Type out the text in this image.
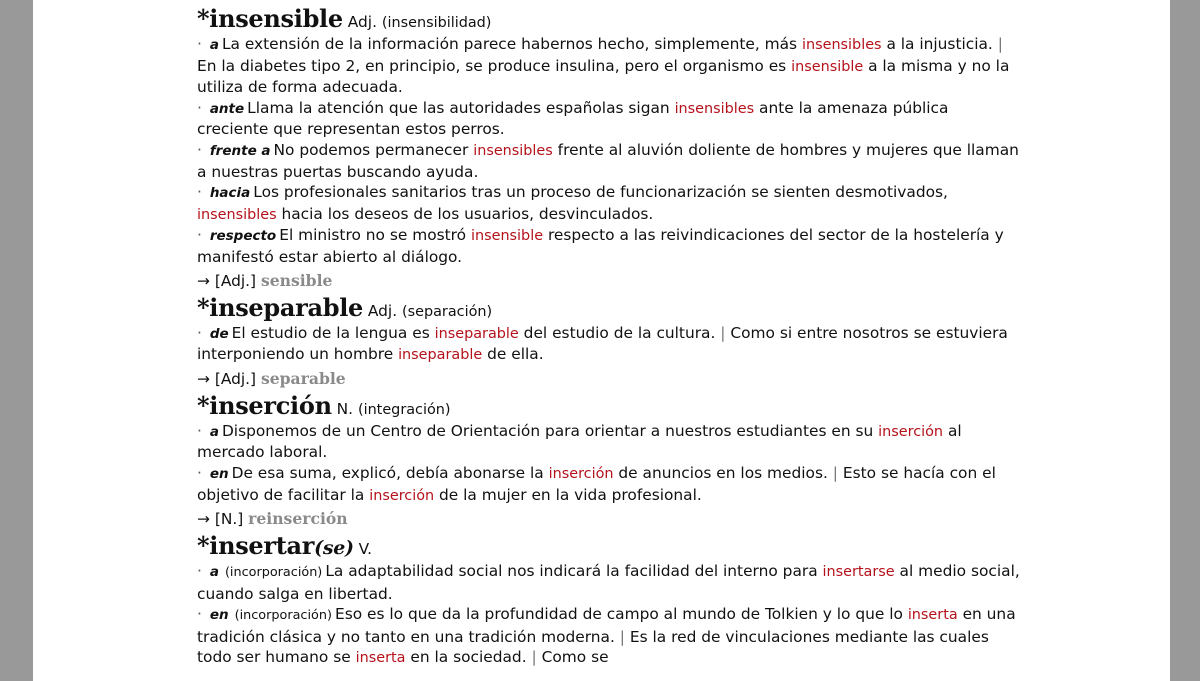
*insensible Adj. (insensibilidad)
· a La extensión de la información parece habernos hecho, simplemente, más insensibles a la injusticia. | En la diabetes tipo 2, en principio, se produce insulina, pero el organismo es insensible a la misma y no la utiliza de forma adecuada.
· ante Llama la atención que las autoridades españolas sigan insensibles ante la amenaza pública creciente que representan estos perros.
· frente a No podemos permanecer insensibles frente al aluvión doliente de hombres y mujeres que llaman a nuestras puertas buscando ayuda.
· hacia Los profesionales sanitarios tras un proceso de funcionarización se sienten desmotivados, insensibles hacia los deseos de los usuarios, desvinculados.
· respecto El ministro no se mostró insensible respecto a las reivindicaciones del sector de la hostelería y manifestó estar abierto al diálogo.
→ [Adj.] sensible
*inseparable Adj. (separación)
· de El estudio de la lengua es inseparable del estudio de la cultura. | Como si entre nosotros se estuviera interponiendo un hombre inseparable de ella.
→ [Adj.] separable
*inserción N. (integración)
· a Disponemos de un Centro de Orientación para orientar a nuestros estudiantes en su inserción al mercado laboral.
· en De esa suma, explicó, debía abonarse la inserción de anuncios en los medios. | Esto se hacía con el objetivo de facilitar la inserción de la mujer en la vida profesional.
→ [N.] reinserción
*insertar(se) V.
· a (incorporación) La adaptabilidad social nos indicará la facilidad del interno para insertarse al medio social, cuando salga en libertad.
· en (incorporación) Eso es lo que da la profundidad de campo al mundo de Tolkien y lo que lo inserta en una tradición clásica y no tanto en una tradición moderna. | Es la red de vinculaciones mediante las cuales todo ser humano se inserta en la sociedad. | Como se
